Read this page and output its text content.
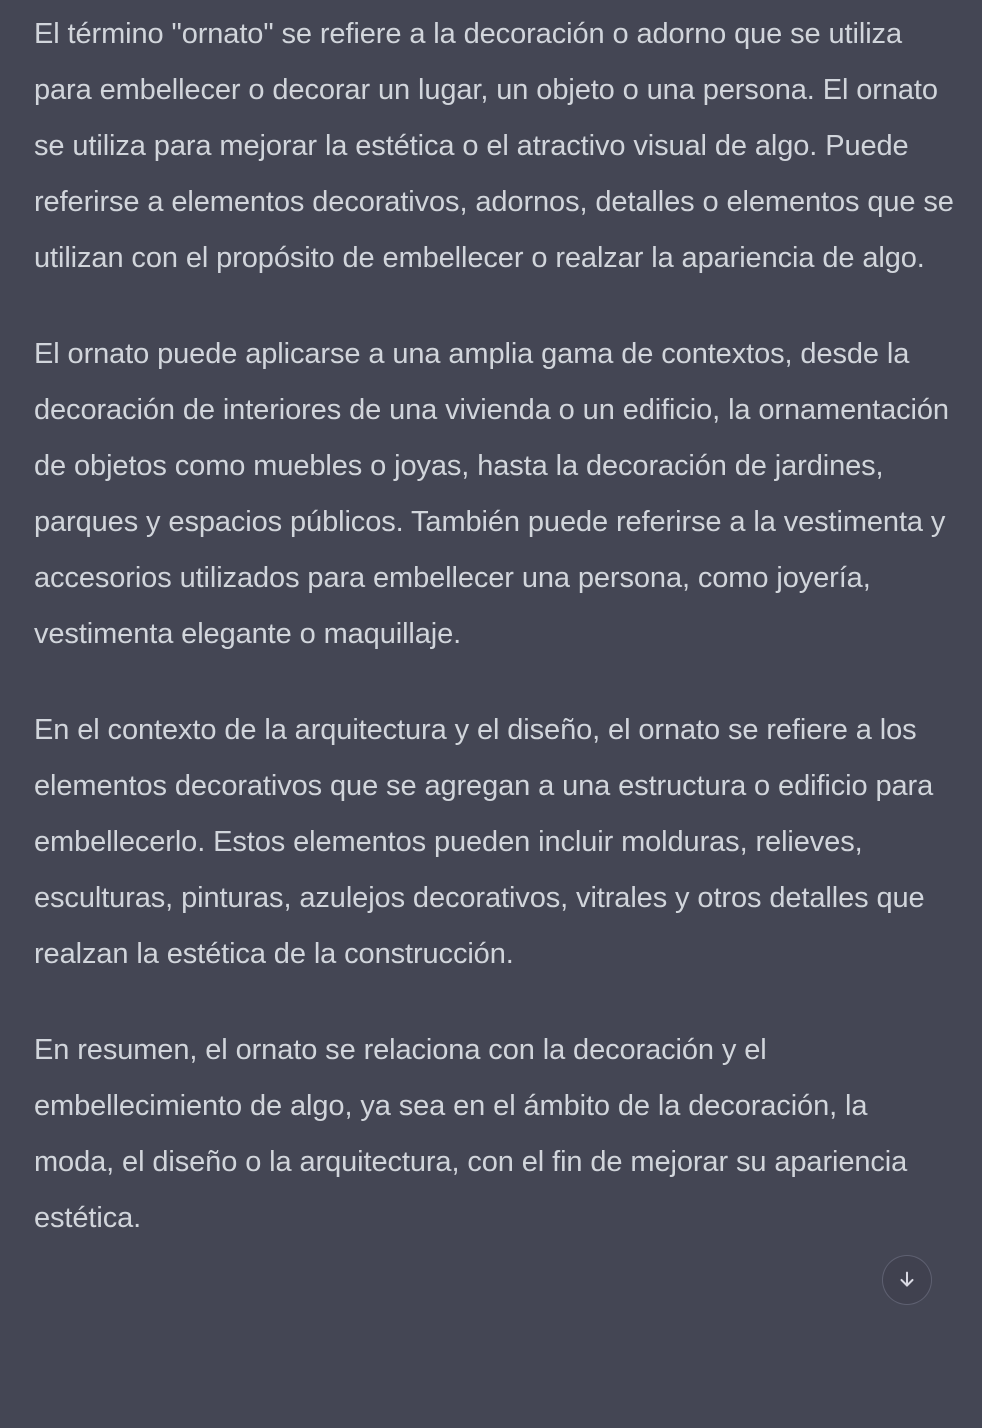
El término "ornato" se refiere a la decoración o adorno que se utiliza para embellecer o decorar un lugar, un objeto o una persona. El ornato se utiliza para mejorar la estética o el atractivo visual de algo. Puede referirse a elementos decorativos, adornos, detalles o elementos que se utilizan con el propósito de embellecer o realzar la apariencia de algo.

El ornato puede aplicarse a una amplia gama de contextos, desde la decoración de interiores de una vivienda o un edificio, la ornamentación de objetos como muebles o joyas, hasta la decoración de jardines, parques y espacios públicos. También puede referirse a la vestimenta y accesorios utilizados para embellecer una persona, como joyería, vestimenta elegante o maquillaje.

En el contexto de la arquitectura y el diseño, el ornato se refiere a los elementos decorativos que se agregan a una estructura o edificio para embellecerlo. Estos elementos pueden incluir molduras, relieves, esculturas, pinturas, azulejos decorativos, vitrales y otros detalles que realzan la estética de la construcción.

En resumen, el ornato se relaciona con la decoración y el embellecimiento de algo, ya sea en el ámbito de la decoración, la moda, el diseño o la arquitectura, con el fin de mejorar su apariencia estética.
